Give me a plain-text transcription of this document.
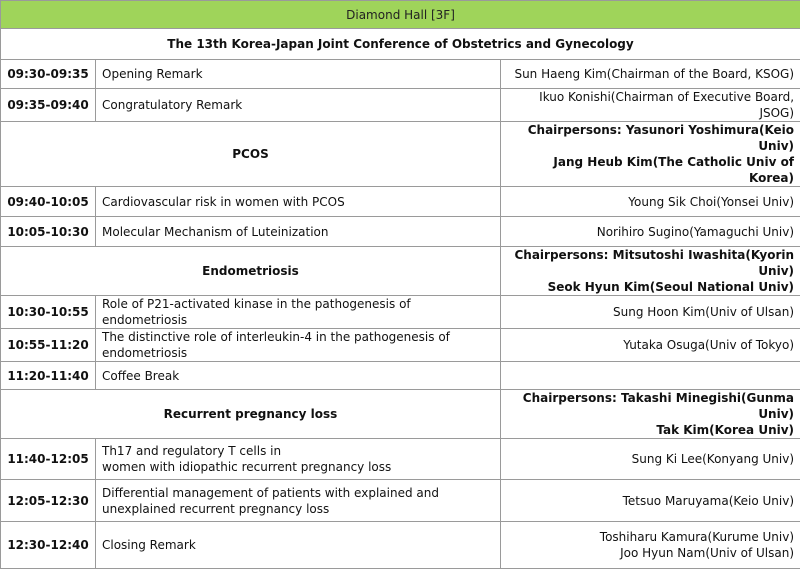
Diamond Hall [3F]		
The 13th Korea-Japan Joint Conference of Obstetrics and Gynecology		
09:30-09:35	Opening Remark	Sun Haeng Kim(Chairman of the Board, KSOG)

09:35-09:40	Congratulatory Remark	Ikuo Konishi(Chairman of Executive Board, JSOG)

PCOS		Chairpersons: Yasunori Yoshimura(Keio Univ)
Jang Heub Kim(The Catholic Univ of Korea)

09:40-10:05	Cardiovascular risk in women with PCOS	Young Sik Choi(Yonsei Univ)

10:05-10:30	Molecular Mechanism of Luteinization	Norihiro Sugino(Yamaguchi Univ)

Endometriosis		Chairpersons: Mitsutoshi Iwashita(Kyorin Univ)
Seok Hyun Kim(Seoul National Univ)

10:30-10:55	Role of P21-activated kinase in the pathogenesis of endometriosis	Sung Hoon Kim(Univ of Ulsan)

10:55-11:20	The distinctive role of interleukin-4 in the pathogenesis of endometriosis	Yutaka Osuga(Univ of Tokyo)

11:20-11:40	Coffee Break	

Recurrent pregnancy loss		Chairpersons: Takashi Minegishi(Gunma Univ)
Tak Kim(Korea Univ)

11:40-12:05	Th17 and regulatory T cells in
women with idiopathic recurrent pregnancy loss	Sung Ki Lee(Konyang Univ)

12:05-12:30	Differential management of patients with explained and
unexplained recurrent pregnancy loss	Tetsuo Maruyama(Keio Univ)

12:30-12:40	Closing Remark	Toshiharu Kamura(Kurume Univ)
Joo Hyun Nam(Univ of Ulsan)
